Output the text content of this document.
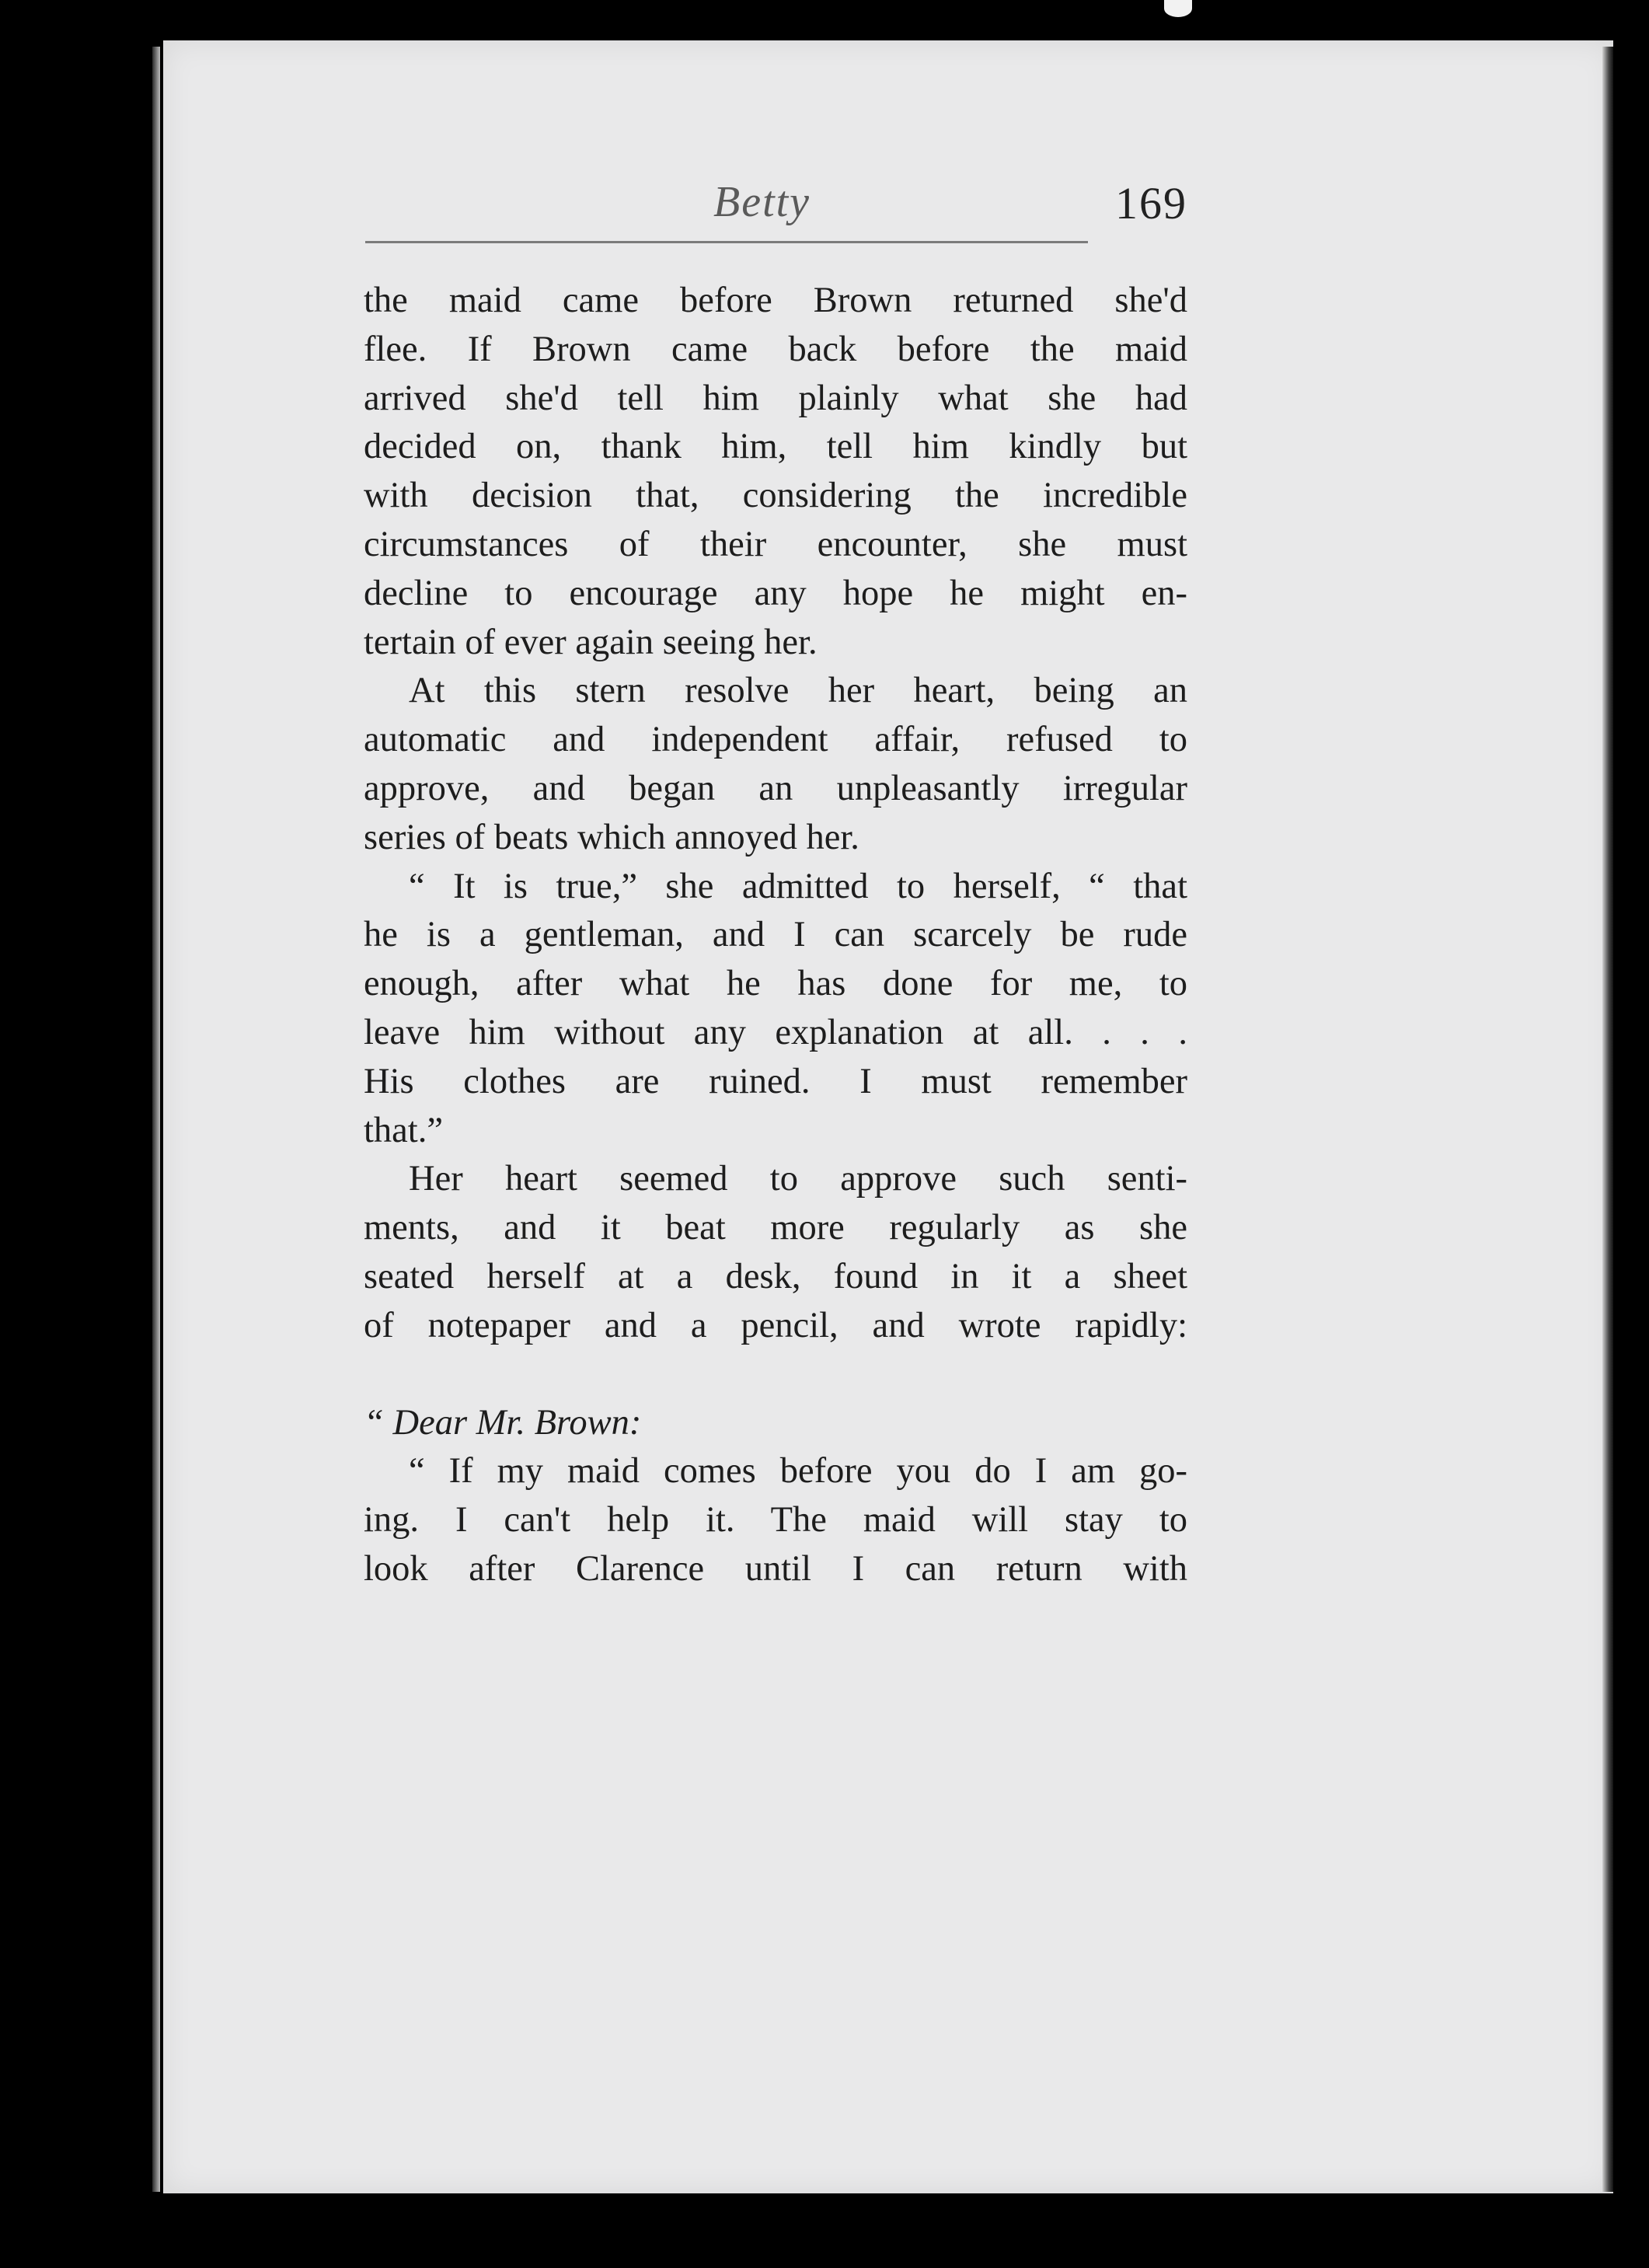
Betty	169
the maid came before Brown returned she'd
flee. If Brown came back before the maid
arrived she'd tell him plainly what she had
decided on, thank him, tell him kindly but
with decision that, considering the incredible
circumstances of their encounter, she must
decline to encourage any hope he might en-
tertain of ever again seeing her.
At this stern resolve her heart, being an
automatic and independent affair, refused to
approve, and began an unpleasantly irregular
series of beats which annoyed her.
“ It is true,” she admitted to herself, “ that
he is a gentleman, and I can scarcely be rude
enough, after what he has done for me, to
leave him without any explanation at all. . . .
His clothes are ruined. I must remember
that.”
Her heart seemed to approve such senti-
ments, and it beat more regularly as she
seated herself at a desk, found in it a sheet
of notepaper and a pencil, and wrote rapidly:
“ Dear Mr. Brown:
“ If my maid comes before you do I am go-
ing. I can't help it. The maid will stay to
look after Clarence until I can return with
